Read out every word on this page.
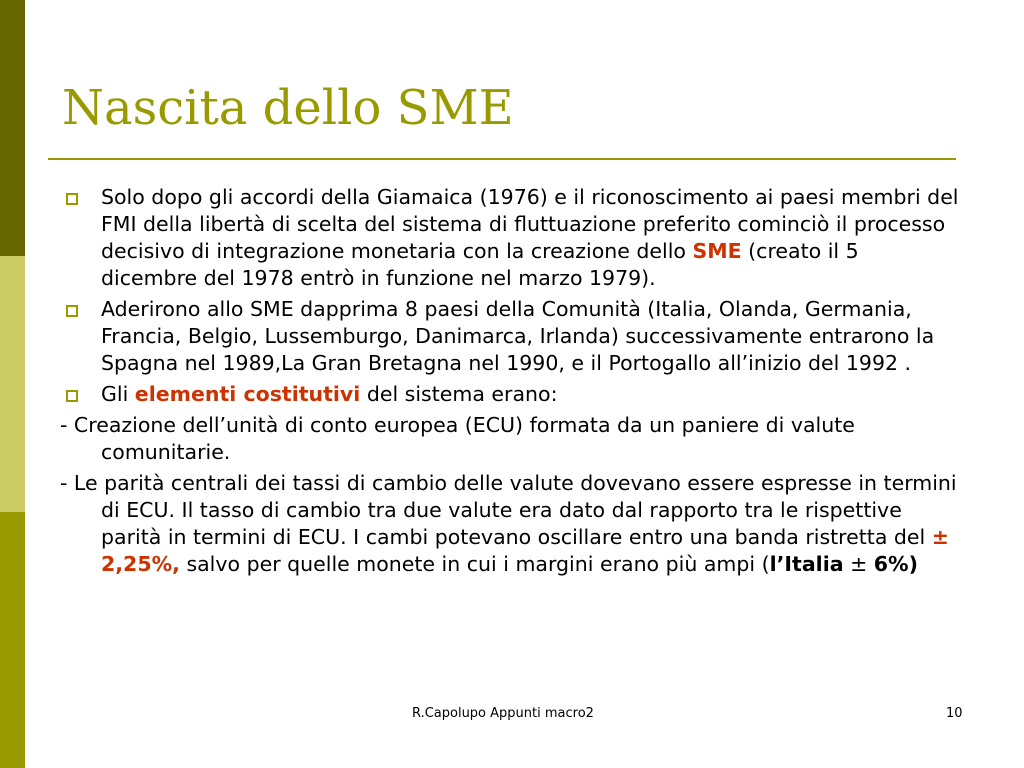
Nascita dello SME
Solo dopo gli accordi della Giamaica (1976) e il riconoscimento ai paesi membri del FMI della libertà di scelta del sistema di fluttuazione preferito cominciò il processo decisivo di integrazione monetaria con la creazione dello SME (creato il 5 dicembre del 1978 entrò in funzione nel marzo 1979).
Aderirono allo SME dapprima 8 paesi della Comunità (Italia, Olanda, Germania, Francia, Belgio, Lussemburgo, Danimarca, Irlanda) successivamente entrarono la Spagna nel 1989,La Gran Bretagna nel 1990, e il Portogallo all’inizio del 1992 .
Gli elementi costitutivi del sistema erano:
- Creazione dell’unità di conto europea (ECU) formata da un paniere di valute comunitarie.
- Le parità centrali dei tassi di cambio delle valute dovevano essere espresse in termini di ECU. Il tasso di cambio tra due valute era dato dal rapporto tra le rispettive parità in termini di ECU. I cambi potevano oscillare entro una banda ristretta del ± 2,25%, salvo per quelle monete in cui i margini erano più ampi (l’Italia ± 6%)
R.Capolupo Appunti macro2	10
